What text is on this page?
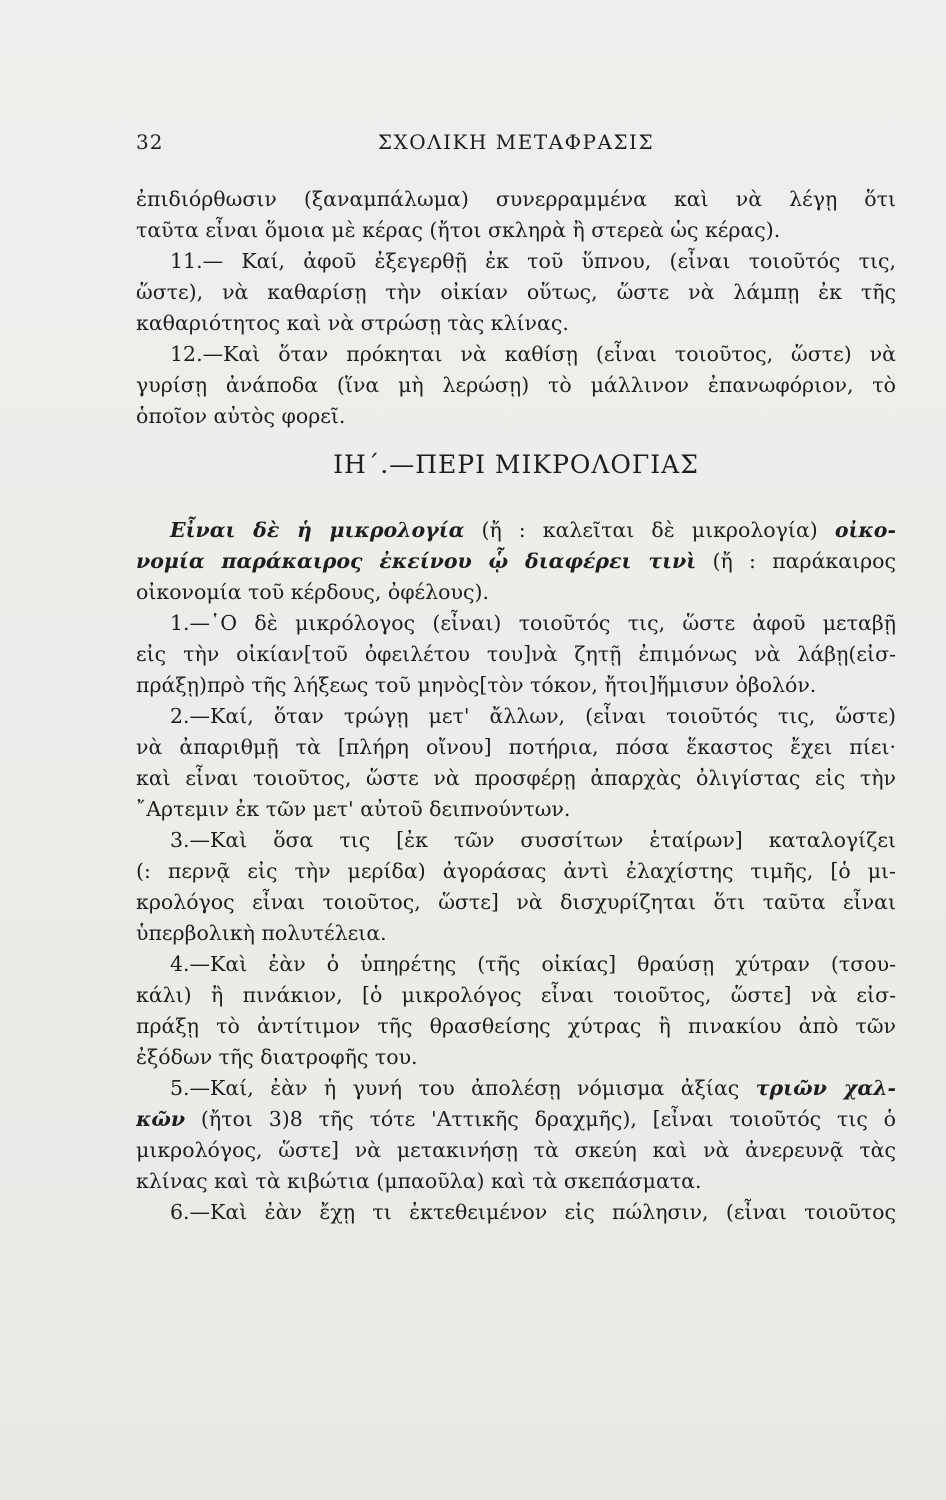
32	ΣΧΟΛΙΚΗ ΜΕΤΑΦΡΑΣΙΣ
ἐπιδιόρθωσιν (ξαναμπάλωμα) συνερραμμένα καὶ νὰ λέγῃ ὅτι
ταῦτα εἶναι ὅμοια μὲ κέρας (ἤτοι σκληρὰ ἢ στερεὰ ὡς κέρας).
11.— Καί, ἀφοῦ ἐξεγερθῇ ἐκ τοῦ ὕπνου, (εἶναι τοιοῦτός τις,
ὥστε), νὰ καθαρίσῃ τὴν οἰκίαν οὕτως, ὥστε νὰ λάμπῃ ἐκ τῆς
καθαριότητος καὶ νὰ στρώσῃ τὰς κλίνας.
12.—Καὶ ὅταν πρόκηται νὰ καθίσῃ (εἶναι τοιοῦτος, ὥστε) νὰ
γυρίσῃ ἀνάποδα (ἵνα μὴ λερώσῃ) τὸ μάλλινον ἐπανωφόριον, τὸ
ὁποῖον αὐτὸς φορεῖ.
ΙΗ΄.—ΠΕΡΙ ΜΙΚΡΟΛΟΓΙΑΣ
Εἶναι δὲ ἡ μικρολογία (ἤ : καλεῖται δὲ μικρολογία) οἰκο-
νομία παράκαιρος ἐκείνου ᾧ διαφέρει τινὶ (ἤ : παράκαιρος
οἰκονομία τοῦ κέρδους, ὀφέλους).
1.—῾Ο δὲ μικρόλογος (εἶναι) τοιοῦτός τις, ὥστε ἀφοῦ μεταβῇ
εἰς τὴν οἰκίαν[τοῦ ὀφειλέτου του]νὰ ζητῇ ἐπιμόνως νὰ λάβῃ(εἰσ-
πράξῃ)πρὸ τῆς λήξεως τοῦ μηνὸς[τὸν τόκον, ἤτοι]ἥμισυν ὀβολόν.
2.—Καί, ὅταν τρώγῃ μετ' ἄλλων, (εἶναι τοιοῦτός τις, ὥστε)
νὰ ἀπαριθμῇ τὰ [πλήρη οἴνου] ποτήρια, πόσα ἕκαστος ἔχει πίει·
καὶ εἶναι τοιοῦτος, ὥστε νὰ προσφέρῃ ἀπαρχὰς ὀλιγίστας εἰς τὴν
῎Αρτεμιν ἐκ τῶν μετ' αὐτοῦ δειπνούντων.
3.—Καὶ ὅσα τις [ἐκ τῶν συσσίτων ἑταίρων] καταλογίζει
(: περνᾷ εἰς τὴν μερίδα) ἀγοράσας ἀντὶ ἐλαχίστης τιμῆς, [ὁ μι-
κρολόγος εἶναι τοιοῦτος, ὥστε] νὰ δισχυρίζηται ὅτι ταῦτα εἶναι
ὑπερβολικὴ πολυτέλεια.
4.—Καὶ ἐὰν ὁ ὑπηρέτης (τῆς οἰκίας] θραύσῃ χύτραν (τσου-
κάλι) ἢ πινάκιον, [ὁ μικρολόγος εἶναι τοιοῦτος, ὥστε] νὰ εἰσ-
πράξῃ τὸ ἀντίτιμον τῆς θρασθείσης χύτρας ἢ πινακίου ἀπὸ τῶν
ἐξόδων τῆς διατροφῆς του.
5.—Καί, ἐὰν ἡ γυνή του ἀπολέσῃ νόμισμα ἀξίας τριῶν χαλ-
κῶν (ἤτοι 3)8 τῆς τότε 'Αττικῆς δραχμῆς), [εἶναι τοιοῦτός τις ὁ
μικρολόγος, ὥστε] νὰ μετακινήσῃ τὰ σκεύη καὶ νὰ ἀνερευνᾷ τὰς
κλίνας καὶ τὰ κιβώτια (μπαοῦλα) καὶ τὰ σκεπάσματα.
6.—Καὶ ἐὰν ἔχῃ τι ἐκτεθειμένον εἰς πώλησιν, (εἶναι τοιοῦτος
